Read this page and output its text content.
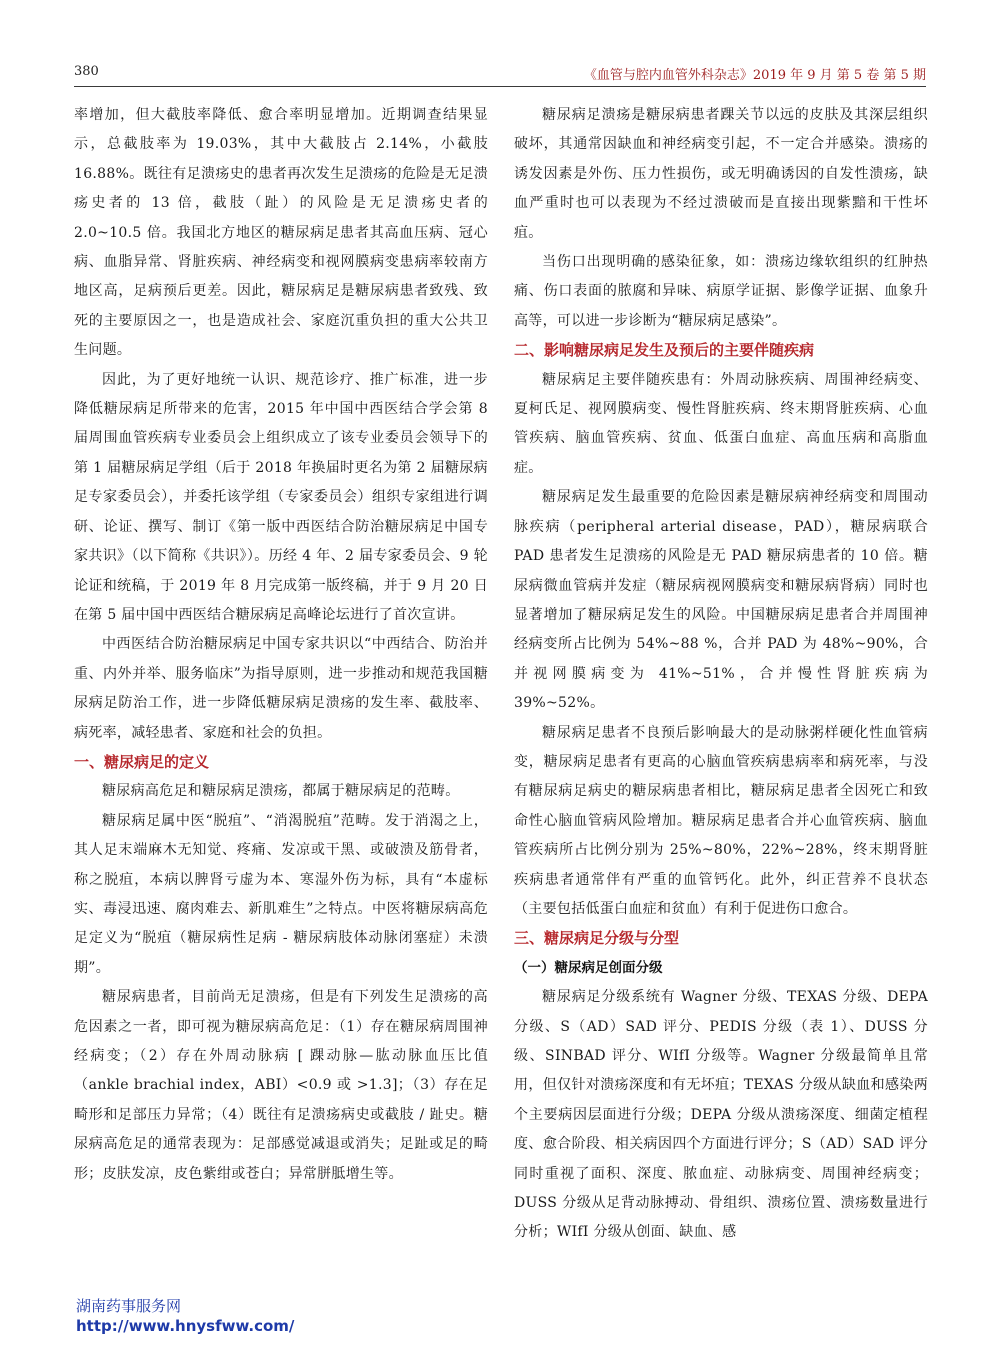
380	《血管与腔内血管外科杂志》2019 年 9 月 第 5 卷 第 5 期

率增加，但大截肢率降低、愈合率明显增加。近期调查结果显示，总截肢率为 19.03%，其中大截肢占 2.14%，小截肢 16.88%。既往有足溃疡史的患者再次发生足溃疡的危险是无足溃疡史者的 13 倍，截肢（趾）的风险是无足溃疡史者的 2.0~10.5 倍。我国北方地区的糖尿病足患者其高血压病、冠心病、血脂异常、肾脏疾病、神经病变和视网膜病变患病率较南方地区高，足病预后更差。因此，糖尿病足是糖尿病患者致残、致死的主要原因之一，也是造成社会、家庭沉重负担的重大公共卫生问题。

因此，为了更好地统一认识、规范诊疗、推广标准，进一步降低糖尿病足所带来的危害，2015 年中国中西医结合学会第 8 届周围血管疾病专业委员会上组织成立了该专业委员会领导下的第 1 届糖尿病足学组（后于 2018 年换届时更名为第 2 届糖尿病足专家委员会），并委托该学组（专家委员会）组织专家组进行调研、论证、撰写、制订《第一版中西医结合防治糖尿病足中国专家共识》（以下简称《共识》）。历经 4 年、2 届专家委员会、9 轮论证和统稿，于 2019 年 8 月完成第一版终稿，并于 9 月 20 日在第 5 届中国中西医结合糖尿病足高峰论坛进行了首次宣讲。

中西医结合防治糖尿病足中国专家共识以“中西结合、防治并重、内外并举、服务临床”为指导原则，进一步推动和规范我国糖尿病足防治工作，进一步降低糖尿病足溃疡的发生率、截肢率、病死率，减轻患者、家庭和社会的负担。

一、糖尿病足的定义

糖尿病高危足和糖尿病足溃疡，都属于糖尿病足的范畴。

糖尿病足属中医“脱疽”、“消渴脱疽”范畴。发于消渴之上，其人足末端麻木无知觉、疼痛、发凉或干黑、或破溃及筋骨者，称之脱疽，本病以脾肾亏虚为本、寒湿外伤为标，具有“本虚标实、毒浸迅速、腐肉难去、新肌难生”之特点。中医将糖尿病高危足定义为“脱疽（糖尿病性足病 - 糖尿病肢体动脉闭塞症）未溃期”。

糖尿病患者，目前尚无足溃疡，但是有下列发生足溃疡的高危因素之一者，即可视为糖尿病高危足：（1）存在糖尿病周围神经病变；（2）存在外周动脉病 [ 踝动脉—肱动脉血压比值（ankle brachial index，ABI）<0.9 或 >1.3]；（3）存在足畸形和足部压力异常；（4）既往有足溃疡病史或截肢 / 趾史。糖尿病高危足的通常表现为：足部感觉减退或消失；足趾或足的畸形；皮肤发凉，皮色紫绀或苍白；异常胼胝增生等。

糖尿病足溃疡是糖尿病患者踝关节以远的皮肤及其深层组织破坏，其通常因缺血和神经病变引起，不一定合并感染。溃疡的诱发因素是外伤、压力性损伤，或无明确诱因的自发性溃疡，缺血严重时也可以表现为不经过溃破而是直接出现紫黯和干性坏疽。

当伤口出现明确的感染征象，如：溃疡边缘软组织的红肿热痛、伤口表面的脓腐和异味、病原学证据、影像学证据、血象升高等，可以进一步诊断为“糖尿病足感染”。

二、影响糖尿病足发生及预后的主要伴随疾病

糖尿病足主要伴随疾患有：外周动脉疾病、周围神经病变、夏柯氏足、视网膜病变、慢性肾脏疾病、终末期肾脏疾病、心血管疾病、脑血管疾病、贫血、低蛋白血症、高血压病和高脂血症。

糖尿病足发生最重要的危险因素是糖尿病神经病变和周围动脉疾病（peripheral arterial disease，PAD），糖尿病联合 PAD 患者发生足溃疡的风险是无 PAD 糖尿病患者的 10 倍。糖尿病微血管病并发症（糖尿病视网膜病变和糖尿病肾病）同时也显著增加了糖尿病足发生的风险。中国糖尿病足患者合并周围神经病变所占比例为 54%~88 %，合并 PAD 为 48%~90%，合并视网膜病变为 41%~51%，合并慢性肾脏疾病为 39%~52%。

糖尿病足患者不良预后影响最大的是动脉粥样硬化性血管病变，糖尿病足患者有更高的心脑血管疾病患病率和病死率，与没有糖尿病足病史的糖尿病患者相比，糖尿病足患者全因死亡和致命性心脑血管病风险增加。糖尿病足患者合并心血管疾病、脑血管疾病所占比例分别为 25%~80%，22%~28%，终末期肾脏疾病患者通常伴有严重的血管钙化。此外，纠正营养不良状态（主要包括低蛋白血症和贫血）有利于促进伤口愈合。

三、糖尿病足分级与分型
（一）糖尿病足创面分级

糖尿病足分级系统有 Wagner 分级、TEXAS 分级、DEPA 分级、S（AD）SAD 评分、PEDIS 分级（表 1）、DUSS 分级、SINBAD 评分、WIfI 分级等。Wagner 分级最简单且常用，但仅针对溃疡深度和有无坏疽；TEXAS 分级从缺血和感染两个主要病因层面进行分级；DEPA 分级从溃疡深度、细菌定植程度、愈合阶段、相关病因四个方面进行评分；S（AD）SAD 评分同时重视了面积、深度、脓血症、动脉病变、周围神经病变；DUSS 分级从足背动脉搏动、骨组织、溃疡位置、溃疡数量进行分析；WIfI 分级从创面、缺血、感

湖南药事服务网
http://www.hnysfww.com/
